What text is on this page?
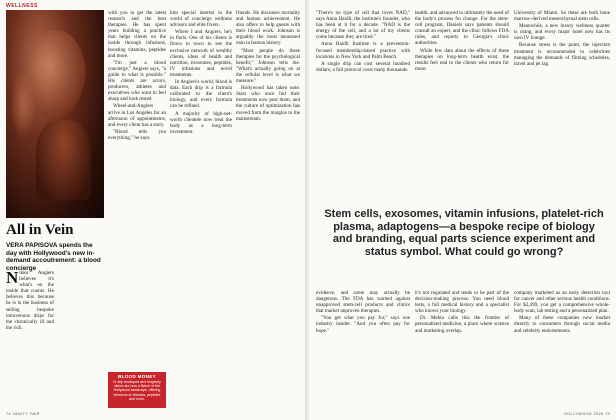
WELLNESS
All in Vein
VERA PAPISOVA spends the day with Hollywood's new in-demand accoutrement: a blood concierge

Nikko Angiers believes it's what's on the inside that counts. He believes this because he is in the business of selling bespoke intravenous drips for the chronically ill and the rich.

with you to get the latest research and the best therapies. He has spent years building a practice that helps clients on the inside through infusions, boosting vitamins, peptides and more.

"I'm just a blood concierge," Angiers says, "a guide to what is possible." His clients are actors, producers, athletes and executives who want to feel sharp and look rested.

Wheel-and-Angiers arrive in Los Angeles for an afternoon of appointments, and every client has a story.

"Blood tells you everything," he says.

BLOOD MONEY
IV drip boutiques and longevity clinics are now a fixture of the Hollywood landscape, offering infusions of vitamins, peptides and more.

him special interest in the world of concierge wellness advisors and elite fixers.

Where I and Angiers, he's in Paris. One of his clients is flown to town to see the exclusive network of wealthy clients, ideas of health and nutrition, exosomes, peptides, IV infusions and novel treatments.

In Angiers's world, blood is data. Each drip is a formula calibrated to the client's biology, and every formula can be refined.

A majority of high-net-worth clientele now treat the body as a long-term investment.

friends. He discusses mortality and human achievement. He also offers to help guests with their blood work. Johnson is arguably the most measured man in human history.

"Most people do these therapies for the psychological benefit," Johnson tells me. "What's actually going on at the cellular level is what we measure."

Hollywood has taken note. Stars who once hid their treatments now post them, and the culture of optimization has moved from the margins to the mainstream.

74 VANITY FAIR

"There's no type of cell that loves NAD," says Anna Haidli, the institute's founder, who has been at it for a decade. "NAD is the energy of the cell, and a lot of my clients come because they are tired."

Anna Haidli Institute is a prevention-focused membership-based practice with locations in New York and Palm Beach.

A single drip can cost several hundred dollars; a full protocol costs many thousands.

health, and advanced to ultimately the need of the body's process for change. For the stem-cell program, Daniels says patients should consult an expert, and the clinic follows FDA rules, and reports to Georgia's clinic authorities.

While few data about the effects of these therapies on long-term health exist, the results feel real to the clients who return for more.

University of Miami. So these are both bone marrow–derived mesenchymal stem cells.

Meanwhile, a new luxury wellness quarter is rising, and every major hotel now has its own IV lounge.

Because stress is the point, the injection treatment is recommended to celebrities managing the demands of filming schedules, travel and jet lag.

Stem cells, exosomes, vitamin infusions, platelet-rich plasma, adaptogens—a bespoke recipe of biology and branding, equal parts science experiment and status symbol. What could go wrong?

evidence, and some may actually be dangerous. The FDA has warned against unapproved stem-cell products and clinics that market unproven therapies.

"You get what you pay for," says one industry insider. "And you often pay for hope."

it's not regulated and tends to be part of the decision-making process. You need blood tests, a full medical history and a specialist who knows your biology.

Dr. Mehta calls this the frontier of personalized medicine, a place where science and marketing overlap.

company marketed as an early detection tool for cancer and other serious health conditions. For $2,499, you get a comprehensive whole-body scan, lab testing and a personalized plan.

Many of these companies now market directly to consumers through social media and celebrity endorsements.

HOLLYWOOD 2026 75
